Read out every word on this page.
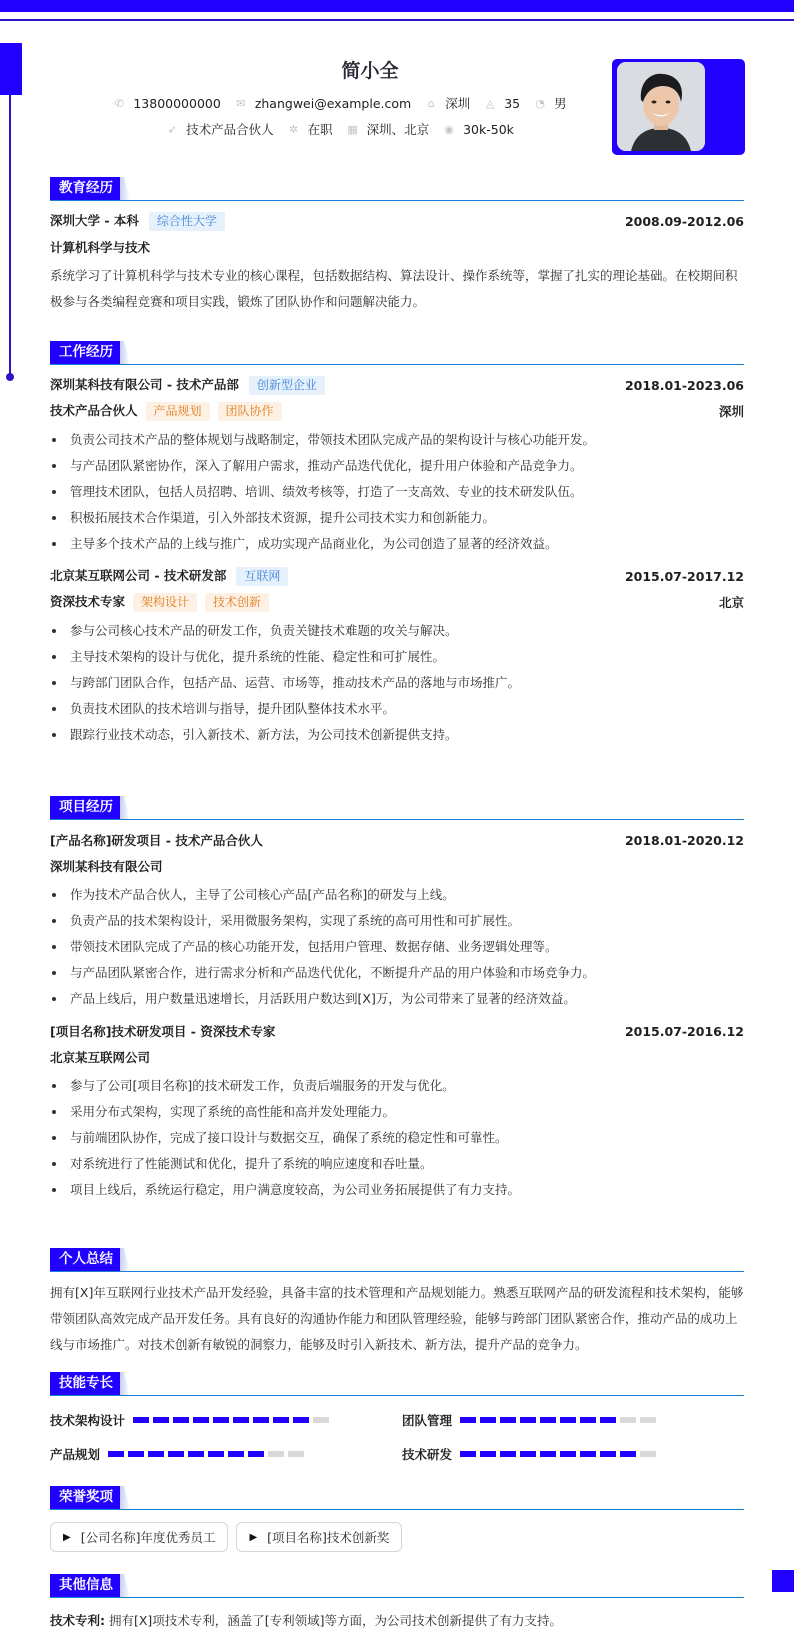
简小全
✆ 13800000000 ✉ zhangwei@example.com ⌂ 深圳 ◬ 35 ◔ 男
➶ 技术产品合伙人 ✲ 在职 ▦ 深圳、北京 ◉ 30k-50k
教育经历
深圳大学 - 本科 综合性大学	2008.09-2012.06
计算机科学与技术
系统学习了计算机科学与技术专业的核心课程，包括数据结构、算法设计、操作系统等，掌握了扎实的理论基础。在校期间积极参与各类编程竞赛和项目实践，锻炼了团队协作和问题解决能力。
工作经历
深圳某科技有限公司 - 技术产品部 创新型企业	2018.01-2023.06
技术产品合伙人 产品规划 团队协作	深圳
负责公司技术产品的整体规划与战略制定，带领技术团队完成产品的架构设计与核心功能开发。
与产品团队紧密协作，深入了解用户需求，推动产品迭代优化，提升用户体验和产品竞争力。
管理技术团队，包括人员招聘、培训、绩效考核等，打造了一支高效、专业的技术研发队伍。
积极拓展技术合作渠道，引入外部技术资源，提升公司技术实力和创新能力。
主导多个技术产品的上线与推广，成功实现产品商业化，为公司创造了显著的经济效益。
北京某互联网公司 - 技术研发部 互联网	2015.07-2017.12
资深技术专家 架构设计 技术创新	北京
参与公司核心技术产品的研发工作，负责关键技术难题的攻关与解决。
主导技术架构的设计与优化，提升系统的性能、稳定性和可扩展性。
与跨部门团队合作，包括产品、运营、市场等，推动技术产品的落地与市场推广。
负责技术团队的技术培训与指导，提升团队整体技术水平。
跟踪行业技术动态，引入新技术、新方法，为公司技术创新提供支持。
项目经历
[产品名称]研发项目 - 技术产品合伙人	2018.01-2020.12
深圳某科技有限公司
作为技术产品合伙人，主导了公司核心产品[产品名称]的研发与上线。
负责产品的技术架构设计，采用微服务架构，实现了系统的高可用性和可扩展性。
带领技术团队完成了产品的核心功能开发，包括用户管理、数据存储、业务逻辑处理等。
与产品团队紧密合作，进行需求分析和产品迭代优化，不断提升产品的用户体验和市场竞争力。
产品上线后，用户数量迅速增长，月活跃用户数达到[X]万，为公司带来了显著的经济效益。
[项目名称]技术研发项目 - 资深技术专家	2015.07-2016.12
北京某互联网公司
参与了公司[项目名称]的技术研发工作，负责后端服务的开发与优化。
采用分布式架构，实现了系统的高性能和高并发处理能力。
与前端团队协作，完成了接口设计与数据交互，确保了系统的稳定性和可靠性。
对系统进行了性能测试和优化，提升了系统的响应速度和吞吐量。
项目上线后，系统运行稳定，用户满意度较高，为公司业务拓展提供了有力支持。
个人总结
拥有[X]年互联网行业技术产品开发经验，具备丰富的技术管理和产品规划能力。熟悉互联网产品的研发流程和技术架构，能够带领团队高效完成产品开发任务。具有良好的沟通协作能力和团队管理经验，能够与跨部门团队紧密合作，推动产品的成功上线与市场推广。对技术创新有敏锐的洞察力，能够及时引入新技术、新方法，提升产品的竞争力。
技能专长
技术架构设计	团队管理
产品规划	技术研发
荣誉奖项
▶ [公司名称]年度优秀员工	▶ [项目名称]技术创新奖
其他信息
技术专利: 拥有[X]项技术专利，涵盖了[专利领域]等方面，为公司技术创新提供了有力支持。
